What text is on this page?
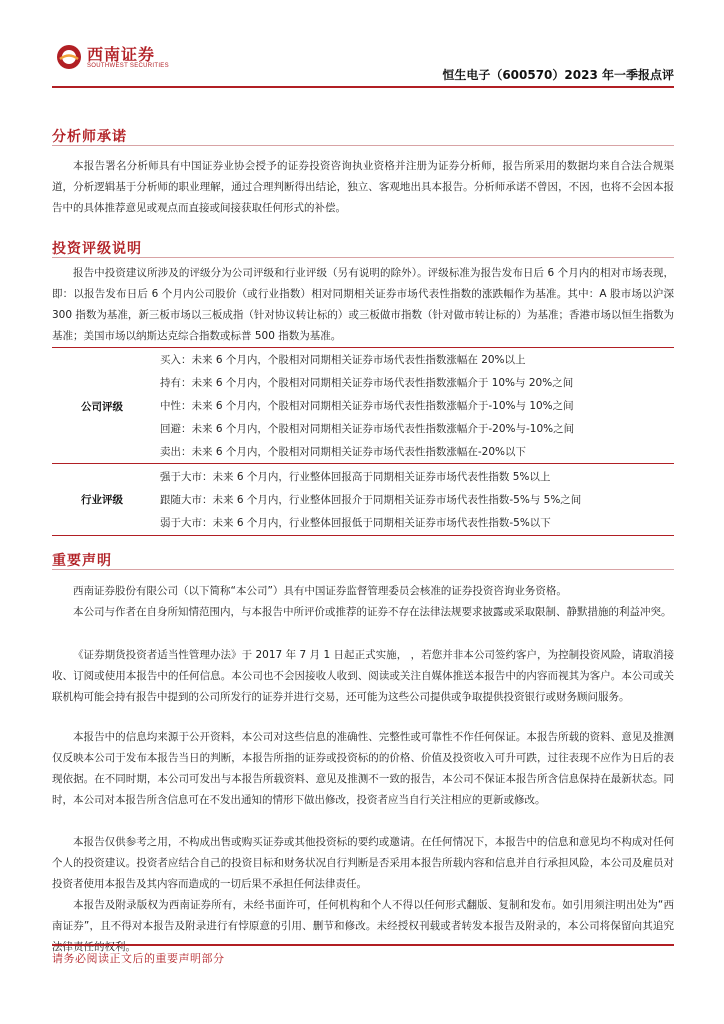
西南证券
SOUTHWEST SECURITIES
恒生电子（600570）2023 年一季报点评
分析师承诺

本报告署名分析师具有中国证券业协会授予的证券投资咨询执业资格并注册为证券分析师，报告所采用的数据均来自合法合规渠道，分析逻辑基于分析师的职业理解，通过合理判断得出结论，独立、客观地出具本报告。分析师承诺不曾因，不因，也将不会因本报告中的具体推荐意见或观点而直接或间接获取任何形式的补偿。

投资评级说明

报告中投资建议所涉及的评级分为公司评级和行业评级（另有说明的除外）。评级标准为报告发布日后 6 个月内的相对市场表现，即：以报告发布日后 6 个月内公司股价（或行业指数）相对同期相关证券市场代表性指数的涨跌幅作为基准。其中：A 股市场以沪深 300 指数为基准，新三板市场以三板成指（针对协议转让标的）或三板做市指数（针对做市转让标的）为基准；香港市场以恒生指数为基准；美国市场以纳斯达克综合指数或标普 500 指数为基准。

公司评级
买入：未来 6 个月内，个股相对同期相关证券市场代表性指数涨幅在 20%以上
持有：未来 6 个月内，个股相对同期相关证券市场代表性指数涨幅介于 10%与 20%之间
中性：未来 6 个月内，个股相对同期相关证券市场代表性指数涨幅介于-10%与 10%之间
回避：未来 6 个月内，个股相对同期相关证券市场代表性指数涨幅介于-20%与-10%之间
卖出：未来 6 个月内，个股相对同期相关证券市场代表性指数涨幅在-20%以下
行业评级
强于大市：未来 6 个月内，行业整体回报高于同期相关证券市场代表性指数 5%以上
跟随大市：未来 6 个月内，行业整体回报介于同期相关证券市场代表性指数-5%与 5%之间
弱于大市：未来 6 个月内，行业整体回报低于同期相关证券市场代表性指数-5%以下
重要声明

西南证券股份有限公司（以下简称“本公司”）具有中国证券监督管理委员会核准的证券投资咨询业务资格。

本公司与作者在自身所知情范围内，与本报告中所评价或推荐的证券不存在法律法规要求披露或采取限制、静默措施的利益冲突。

《证券期货投资者适当性管理办法》于 2017 年 7 月 1 日起正式实施， ，若您并非本公司签约客户，为控制投资风险，请取消接收、订阅或使用本报告中的任何信息。本公司也不会因接收人收到、阅读或关注自媒体推送本报告中的内容而视其为客户。本公司或关联机构可能会持有报告中提到的公司所发行的证券并进行交易，还可能为这些公司提供或争取提供投资银行或财务顾问服务。

本报告中的信息均来源于公开资料，本公司对这些信息的准确性、完整性或可靠性不作任何保证。本报告所载的资料、意见及推测仅反映本公司于发布本报告当日的判断，本报告所指的证券或投资标的的价格、价值及投资收入可升可跌，过往表现不应作为日后的表现依据。在不同时期，本公司可发出与本报告所载资料、意见及推测不一致的报告，本公司不保证本报告所含信息保持在最新状态。同时，本公司对本报告所含信息可在不发出通知的情形下做出修改，投资者应当自行关注相应的更新或修改。

本报告仅供参考之用，不构成出售或购买证券或其他投资标的要约或邀请。在任何情况下，本报告中的信息和意见均不构成对任何个人的投资建议。投资者应结合自己的投资目标和财务状况自行判断是否采用本报告所载内容和信息并自行承担风险，本公司及雇员对投资者使用本报告及其内容而造成的一切后果不承担任何法律责任。

本报告及附录版权为西南证券所有，未经书面许可，任何机构和个人不得以任何形式翻版、复制和发布。如引用须注明出处为“西南证券”，且不得对本报告及附录进行有悖原意的引用、删节和修改。未经授权刊载或者转发本报告及附录的，本公司将保留向其追究法律责任的权利。

请务必阅读正文后的重要声明部分
